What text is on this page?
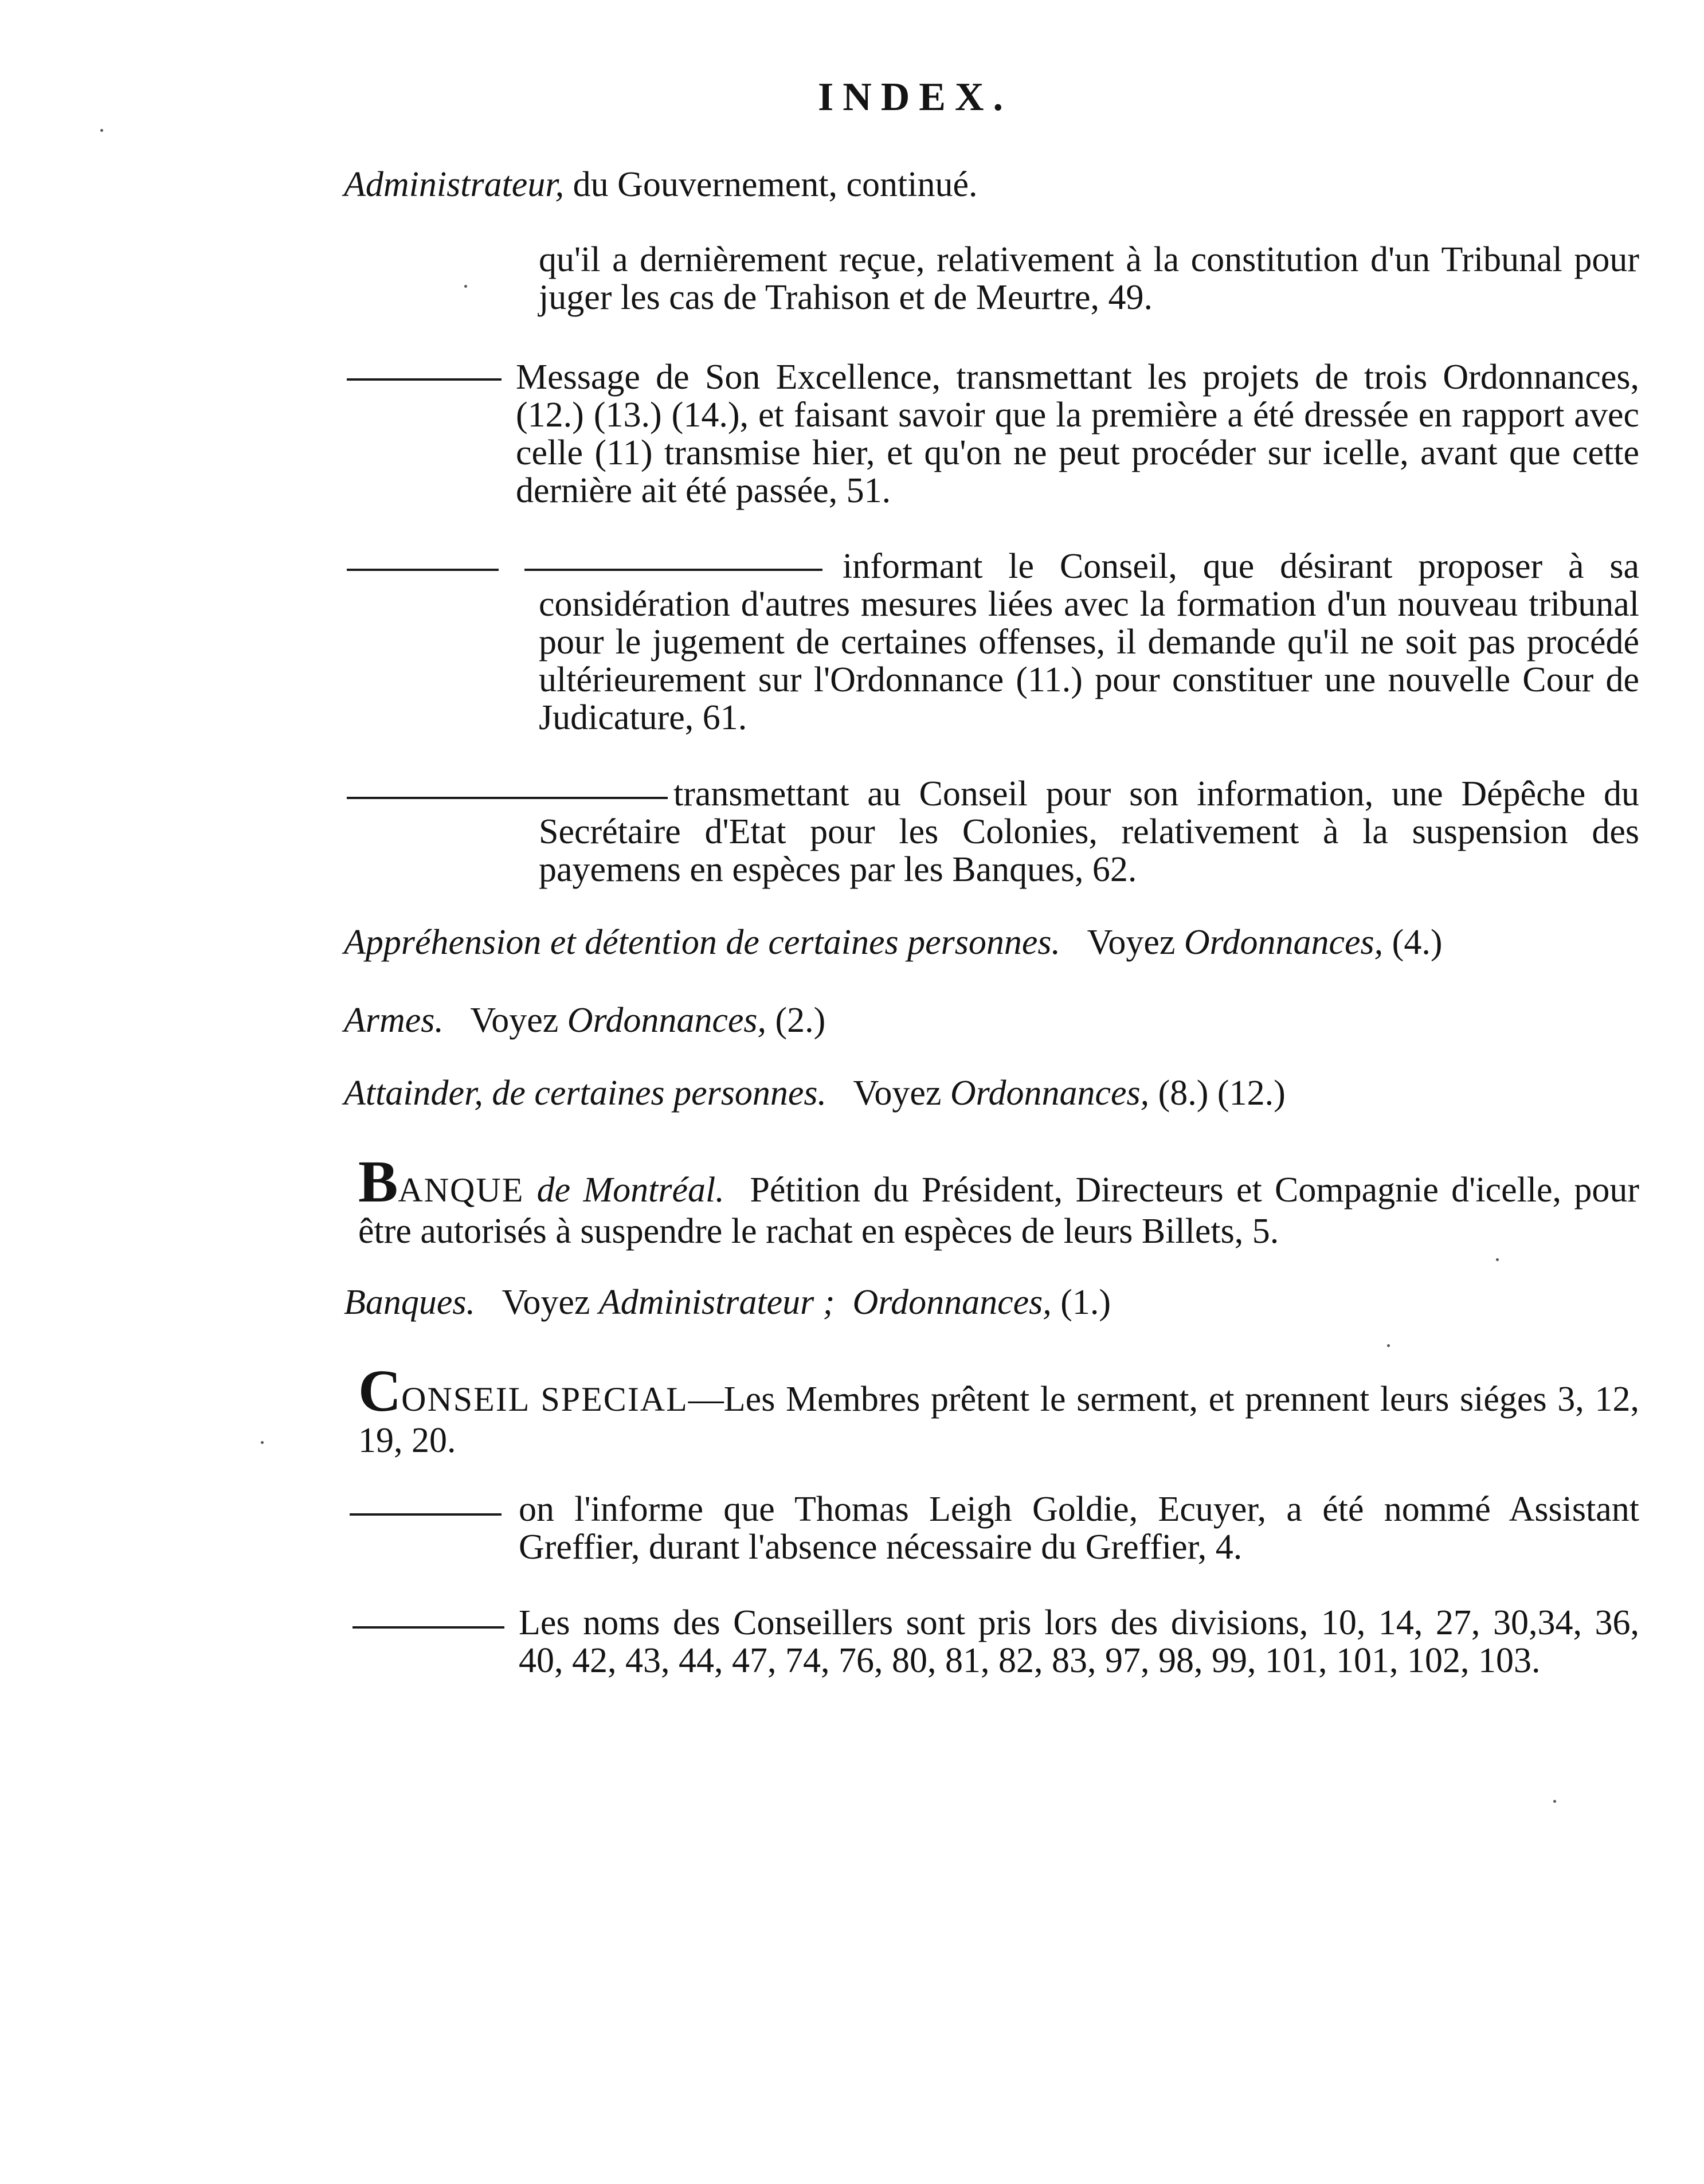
INDEX.
Administrateur, du Gouvernement, continué.
qu'il a dernièrement reçue, relativement à la constitution d'un Tribunal pour juger les cas de Trahison et de Meurtre, 49.
Message de Son Excellence, transmettant les projets de trois Ordonnances, (12.) (13.) (14.), et faisant savoir que la première a été dressée en rapport avec celle (11) transmise hier, et qu'on ne peut procéder sur icelle, avant que cette dernière ait été passée, 51.
informant le Conseil, que désirant proposer à sa considération d'autres mesures liées avec la formation d'un nouveau tribunal pour le jugement de certaines offenses, il demande qu'il ne soit pas procédé ultérieurement sur l'Ordonnance (11.) pour constituer une nouvelle Cour de Judicature, 61.
transmettant au Conseil pour son information, une Dépêche du Secrétaire d'Etat pour les Colonies, relativement à la suspension des payemens en espèces par les Banques, 62.
Appréhension et détention de certaines personnes. Voyez Ordonnances, (4.)
Armes. Voyez Ordonnances, (2.)
Attainder, de certaines personnes. Voyez Ordonnances, (8.) (12.)
BANQUE de Montréal. Pétition du Président, Directeurs et Compagnie d'icelle, pour être autorisés à suspendre le rachat en espèces de leurs Billets, 5.
Banques. Voyez Administrateur ; Ordonnances, (1.)
CONSEIL SPECIAL—Les Membres prêtent le serment, et prennent leurs siéges 3, 12, 19, 20.
on l'informe que Thomas Leigh Goldie, Ecuyer, a été nommé Assistant Greffier, durant l'absence nécessaire du Greffier, 4.
Les noms des Conseillers sont pris lors des divisions, 10, 14, 27, 30,34, 36, 40, 42, 43, 44, 47, 74, 76, 80, 81, 82, 83, 97, 98, 99, 101, 101, 102, 103.
